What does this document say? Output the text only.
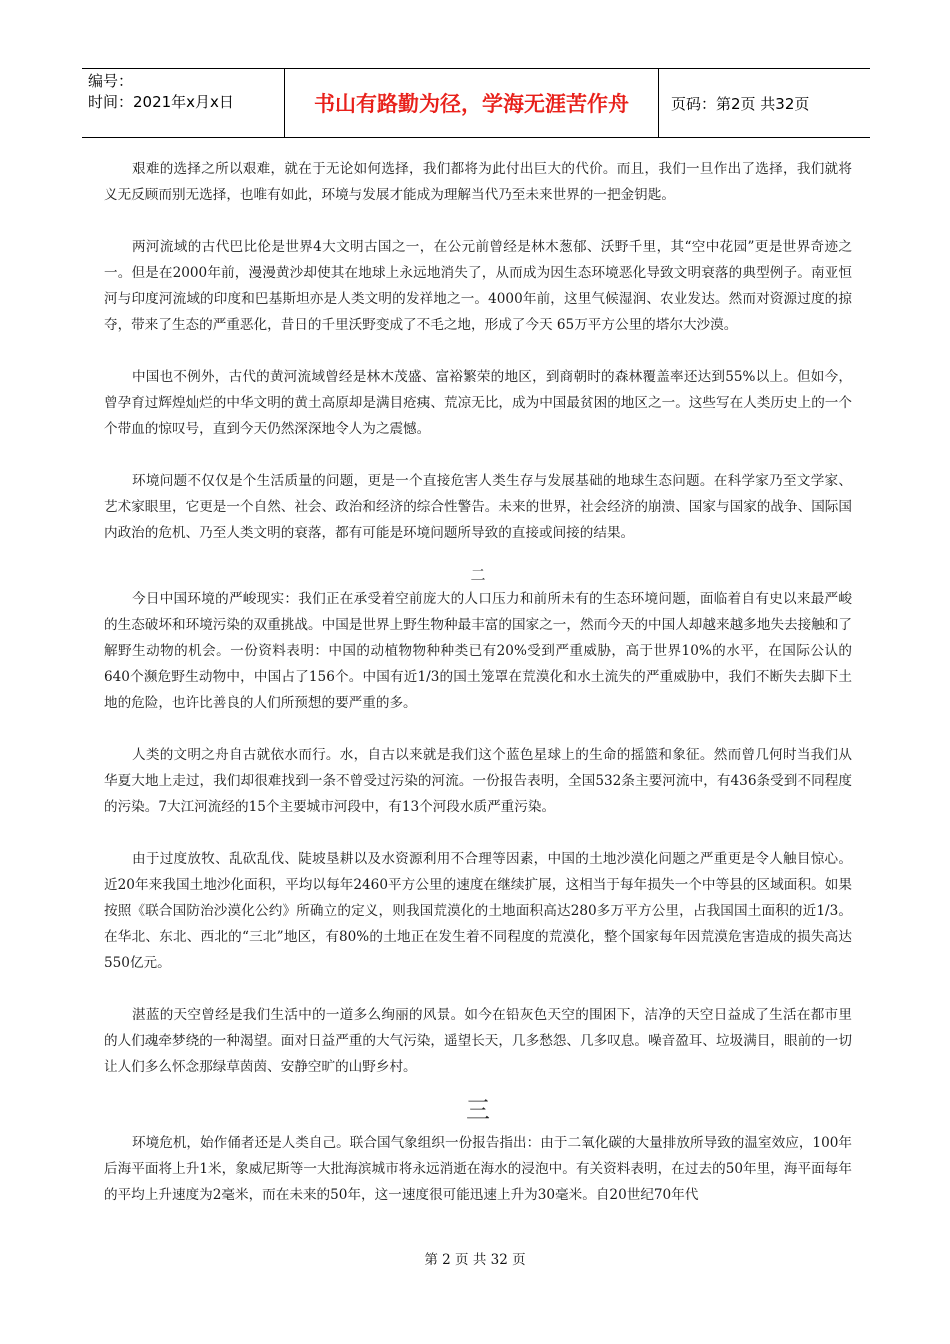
编号：
时间：2021年x月x日	书山有路勤为径，学海无涯苦作舟	页码：第2页 共32页

艰难的选择之所以艰难，就在于无论如何选择，我们都将为此付出巨大的代价。而且，我们一旦作出了选择，我们就将义无反顾而别无选择，也唯有如此，环境与发展才能成为理解当代乃至未来世界的一把金钥匙。

两河流域的古代巴比伦是世界4大文明古国之一，在公元前曾经是林木葱郁、沃野千里，其“空中花园”更是世界奇迹之一。但是在2000年前，漫漫黄沙却使其在地球上永远地消失了，从而成为因生态环境恶化导致文明衰落的典型例子。南亚恒河与印度河流域的印度和巴基斯坦亦是人类文明的发祥地之一。4000年前，这里气候湿润、农业发达。然而对资源过度的掠夺，带来了生态的严重恶化，昔日的千里沃野变成了不毛之地，形成了今天 65万平方公里的塔尔大沙漠。

中国也不例外，古代的黄河流域曾经是林木茂盛、富裕繁荣的地区，到商朝时的森林覆盖率还达到55%以上。但如今，曾孕育过辉煌灿烂的中华文明的黄土高原却是满目疮痍、荒凉无比，成为中国最贫困的地区之一。这些写在人类历史上的一个个带血的惊叹号，直到今天仍然深深地令人为之震憾。

环境问题不仅仅是个生活质量的问题，更是一个直接危害人类生存与发展基础的地球生态问题。在科学家乃至文学家、艺术家眼里，它更是一个自然、社会、政治和经济的综合性警告。未来的世界，社会经济的崩溃、国家与国家的战争、国际国内政治的危机、乃至人类文明的衰落，都有可能是环境问题所导致的直接或间接的结果。

二

今日中国环境的严峻现实：我们正在承受着空前庞大的人口压力和前所未有的生态环境问题，面临着自有史以来最严峻的生态破坏和环境污染的双重挑战。中国是世界上野生物种最丰富的国家之一，然而今天的中国人却越来越多地失去接触和了解野生动物的机会。一份资料表明：中国的动植物物种种类已有20%受到严重威胁，高于世界10%的水平，在国际公认的640个濒危野生动物中，中国占了156个。中国有近1/3的国土笼罩在荒漠化和水土流失的严重威胁中，我们不断失去脚下土地的危险，也许比善良的人们所预想的要严重的多。

人类的文明之舟自古就依水而行。水，自古以来就是我们这个蓝色星球上的生命的摇篮和象征。然而曾几何时当我们从华夏大地上走过，我们却很难找到一条不曾受过污染的河流。一份报告表明，全国532条主要河流中，有436条受到不同程度的污染。7大江河流经的15个主要城市河段中，有13个河段水质严重污染。

由于过度放牧、乱砍乱伐、陡坡垦耕以及水资源利用不合理等因素，中国的土地沙漠化问题之严重更是令人触目惊心。近20年来我国土地沙化面积，平均以每年2460平方公里的速度在继续扩展，这相当于每年损失一个中等县的区域面积。如果按照《联合国防治沙漠化公约》所确立的定义，则我国荒漠化的土地面积高达280多万平方公里，占我国国土面积的近1/3。在华北、东北、西北的“三北”地区，有80%的土地正在发生着不同程度的荒漠化，整个国家每年因荒漠危害造成的损失高达550亿元。

湛蓝的天空曾经是我们生活中的一道多么绚丽的风景。如今在铅灰色天空的围困下，洁净的天空日益成了生活在都市里的人们魂牵梦绕的一种渴望。面对日益严重的大气污染，遥望长天，几多愁怨、几多叹息。噪音盈耳、垃圾满目，眼前的一切让人们多么怀念那绿草茵茵、安静空旷的山野乡村。

三

环境危机，始作俑者还是人类自己。联合国气象组织一份报告指出：由于二氧化碳的大量排放所导致的温室效应，100年后海平面将上升1米，象威尼斯等一大批海滨城市将永远消逝在海水的浸泡中。有关资料表明，在过去的50年里，海平面每年的平均上升速度为2毫米，而在未来的50年，这一速度很可能迅速上升为30毫米。自20世纪70年代

第 2 页 共 32 页
